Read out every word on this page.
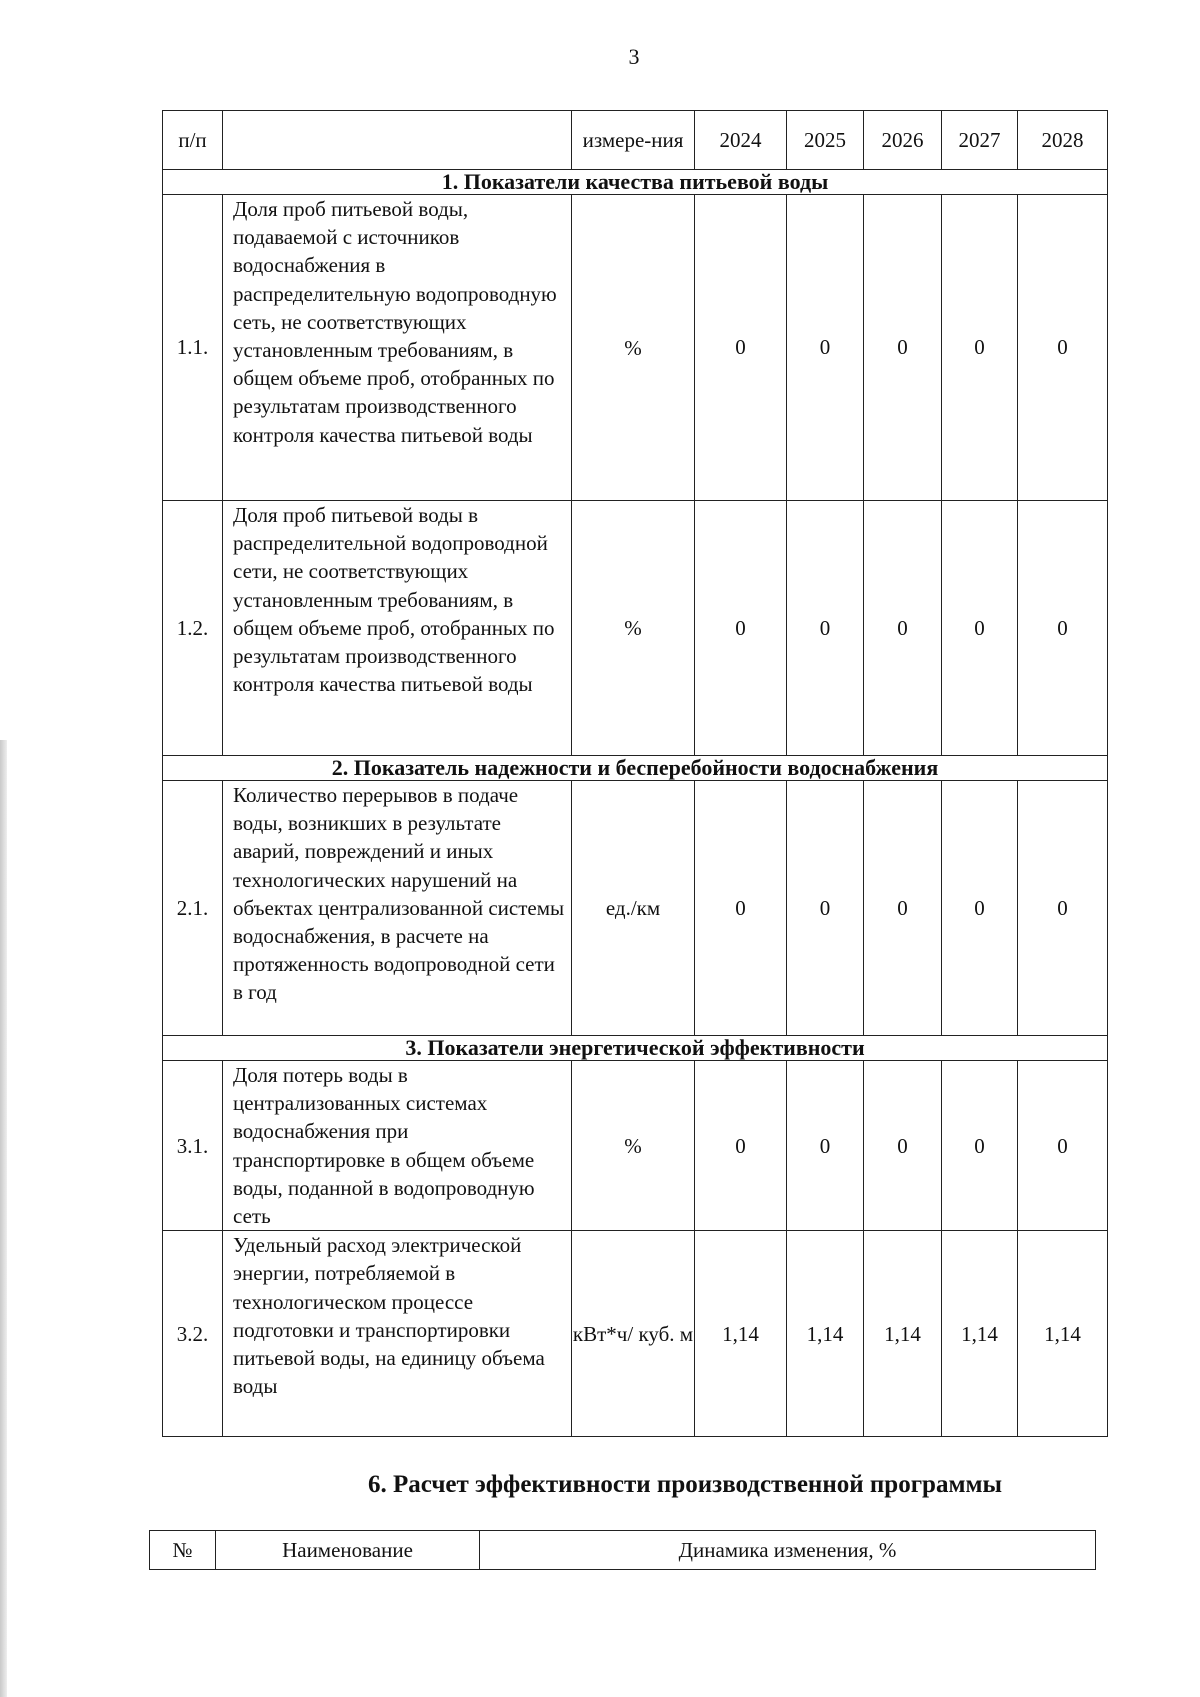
3
п/п		измере-ния	2024	2025	2026	2027	2028
1. Показатели качества питьевой воды							
1.1.	Доля проб питьевой воды, подаваемой с источников водоснабжения в распределительную водопроводную сеть, не соответствующих установленным требованиям, в общем объеме проб, отобранных по результатам производственного контроля качества питьевой воды	%	0	0	0	0	0
1.2.	Доля проб питьевой воды в распределительной водопроводной сети, не соответствующих установленным требованиям, в общем объеме проб, отобранных по результатам производственного контроля качества питьевой воды	%	0	0	0	0	0
2. Показатель надежности и бесперебойности водоснабжения							
2.1.	Количество перерывов в подаче воды, возникших в результате аварий, повреждений и иных технологических нарушений на объектах централизованной системы водоснабжения, в расчете на протяженность водопроводной сети в год	ед./км	0	0	0	0	0
3. Показатели энергетической эффективности							
3.1.	Доля потерь воды в централизованных системах водоснабжения при транспортировке в общем объеме воды, поданной в водопроводную сеть	%	0	0	0	0	0
3.2.	Удельный расход электрической энергии, потребляемой в технологическом процессе подготовки и транспортировки питьевой воды, на единицу объема воды	кВт*ч/ куб. м	1,14	1,14	1,14	1,14	1,14
6. Расчет эффективности производственной программы
№	Наименование	Динамика изменения, %
